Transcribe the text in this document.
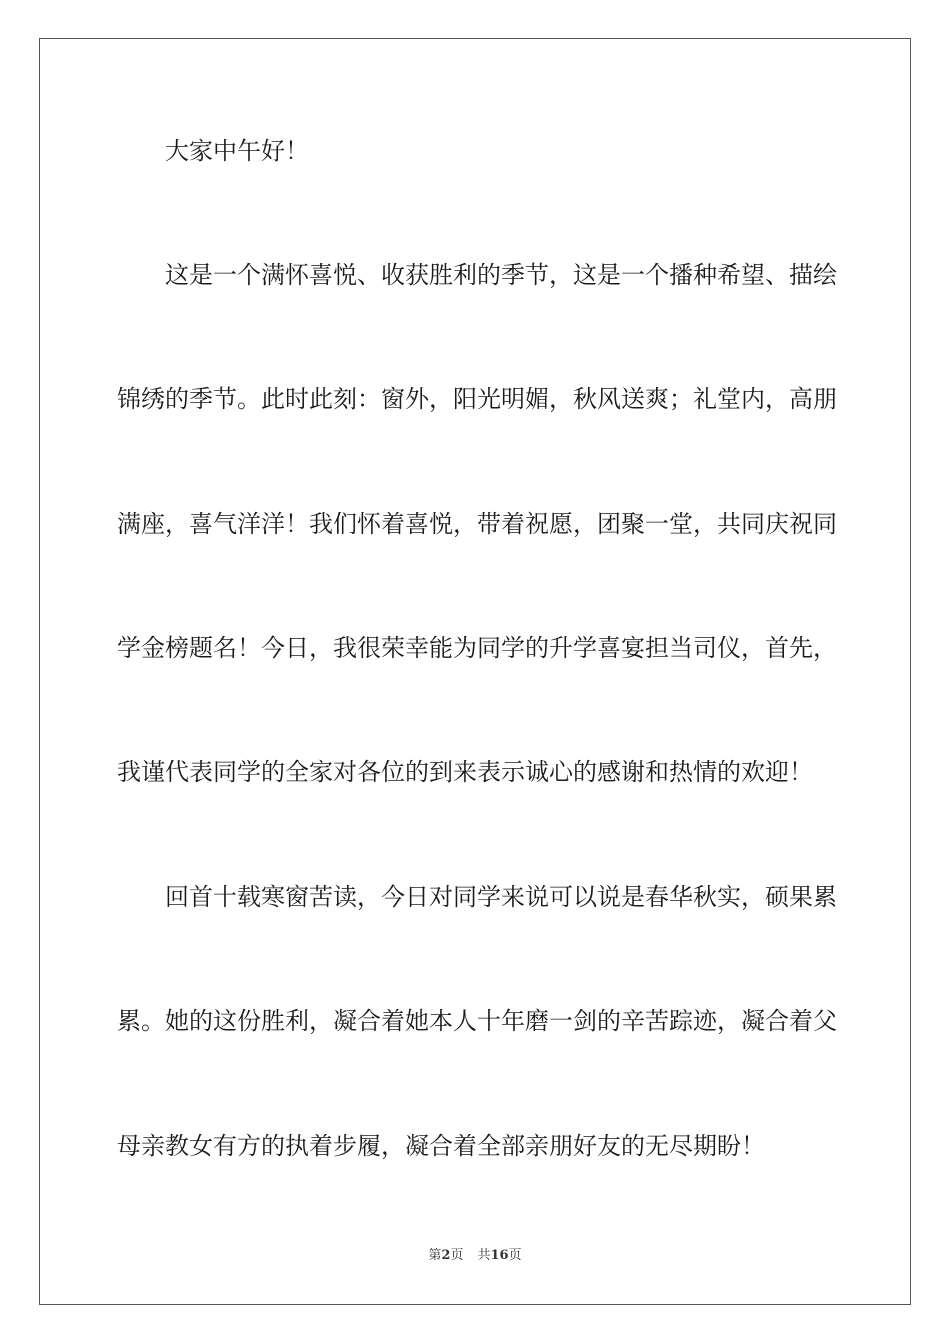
大家中午好！
这是一个满怀喜悦、收获胜利的季节，这是一个播种希望、描绘
锦绣的季节。此时此刻：窗外，阳光明媚，秋风送爽；礼堂内，高朋
满座，喜气洋洋！我们怀着喜悦，带着祝愿，团聚一堂，共同庆祝同
学金榜题名！今日，我很荣幸能为同学的升学喜宴担当司仪，首先，
我谨代表同学的全家对各位的到来表示诚心的感谢和热情的欢迎！
回首十载寒窗苦读，今日对同学来说可以说是春华秋实，硕果累
累。她的这份胜利，凝合着她本人十年磨一剑的辛苦踪迹，凝合着父
母亲教女有方的执着步履，凝合着全部亲朋好友的无尽期盼！
第2页 共16页
